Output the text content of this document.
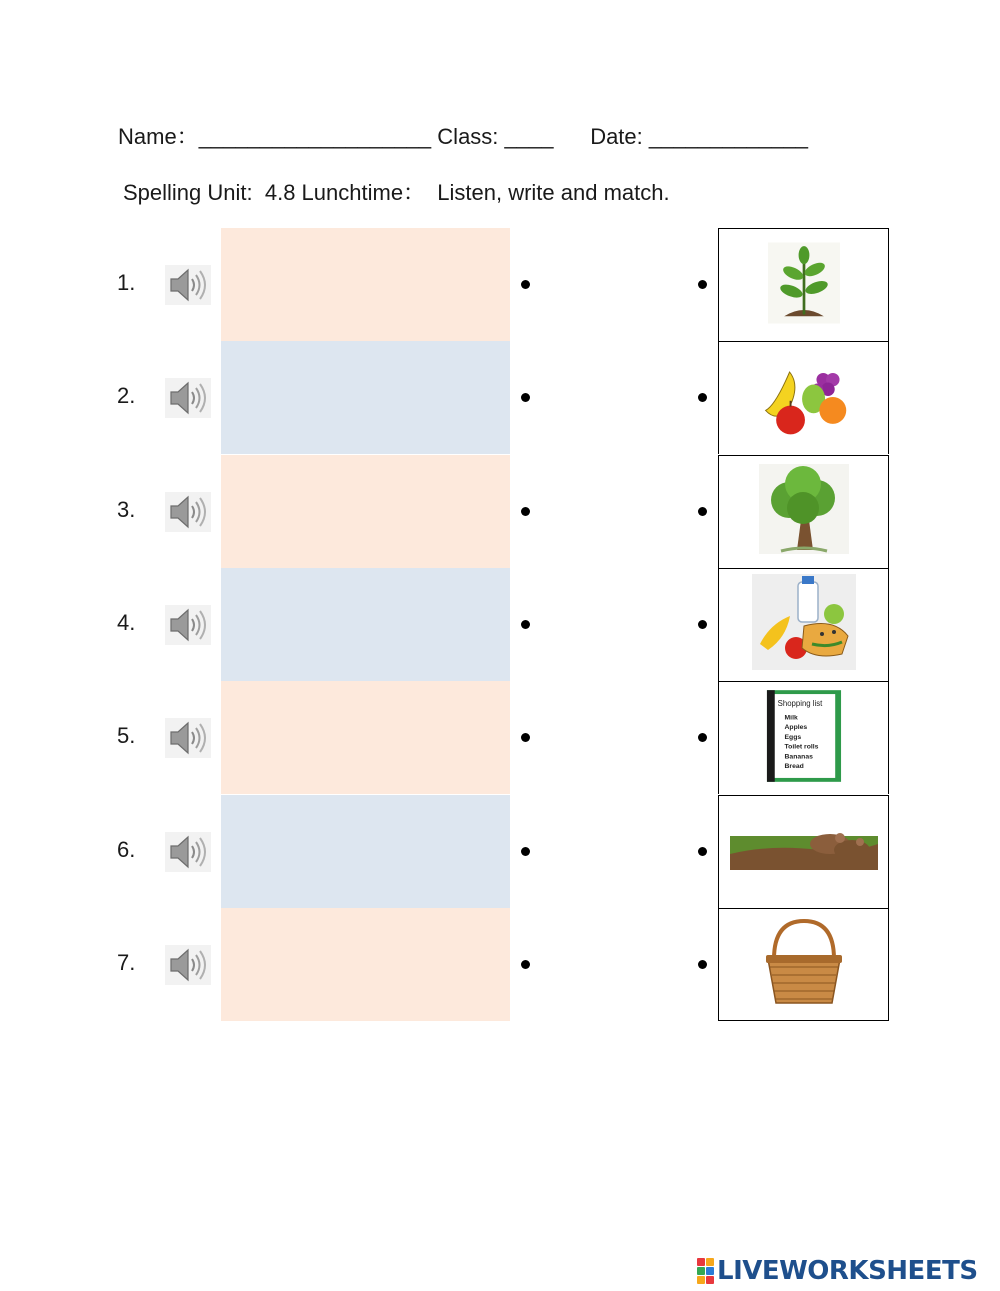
Name：___________________ Class: ____ Date: _____________
Spelling Unit:  4.8 Lunchtime：  Listen, write and match.
1.
2.
3.
4.
5.
Shopping list
Milk
Apples
Eggs
Toilet rolls
Bananas
Bread
6.
7.
LIVEWORKSHEETS
